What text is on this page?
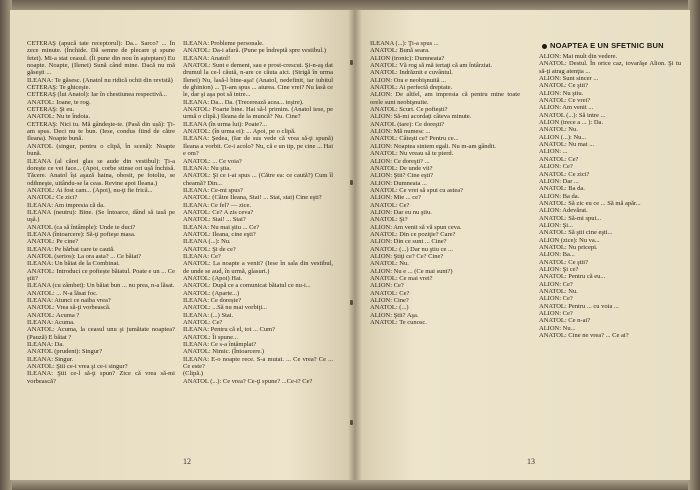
NOAPTEA E UN SFETNIC BUN

CETERAŞ (apucă tate receptorul): Da... Sarco? ... În zece minute. (Închide. Dă semne de plecare şi spune fetei). Mi-a stat ceasul. (Îi pune din nou în aşteptare) Eu noapte. Noapte, (Ilenei) Sună când mine. Dacă nu mă găseşti ...

ILEANA: Te găsesc. (Anatol nu ridică ochii din revistă)

CETERAŞ: Te ghiceşte.

CETERAŞ (lui Anatol): Iar în chestiunea respectivă...

ANATOL: Ioane, te rog.

CETERAŞ: Şi eu.

ANATOL: Nu te îndoia.

CETERAŞ: Nici tu. Mă gândeşte-te. (Pasă din ușă): Ţi-am spus. Deci nu te bun. (Iese, condus fiind de către Ileana). Noapte bună.

ANATOL (singur, pentru o clipă, în scenă): Noapte bună.

ILEANA (al cărei glas se aude din vestibul): Ţi-a dorește ce vei face... (Apoi, corbe stinse ori ușă închisă. Tăcere. Anatol își aşază haina, obosit, pe fotoliu, se odihneşte, uitându-se la ceas. Revine apoi Ileana.)

ANATOL: Ai fost cam... (Apoi), nu-ţi fie frică...

ANATOL: Ce zici?

ILEANA: Am impresia că da.

ILEANA (neutru): Bine. (Se întoarce, dând să iasă pe uşă.)

ANATOL (ca să întâmple): Unde te duci?

ILEANA (întoarcere): Să-ţi pofteşe masa.

ANATOL: Pe cine?

ILEANA: Pe bărbat care te caută.

ANATOL (serios): La ora asta? ... Ce băiat?

ILEANA: Un băiat de la Combinat.

ANATOL: Introduci ce poftește băiatul. Poate e un ... Ce ştii?

ILEANA (cu zâmbet): Un băiat bun ... nu prea, n-a lăsat.

ANATOL: ... N-a lăsat foc.

ILEANA: Atunci ce naiba vrea?

ANATOL: Vrea să-ţi vorbească.

ANATOL: Acuma ?

ILEANA: Acuma.

ANATOL: Acuma, la ceasul unu şi jumătate noaptea? (Pauză) E băiat ?

ILEANA: Da.

ANATOL (prudent): Singur?

ILEANA: Singur.

ANATOL: Ştii ce-i vrea şi ce-i singur?

ILEANA: Ştii ce-l să-ţi spun? Zice că vrea să-mi vorbească?

ILEANA: Probleme personale.

ANATOL: Da-i afară. (Pune pe îndreptă spre vestibul.)

ILEANA: Anatol!

ANATOL: Sunt e dement, sau e prost-crescut. Şi-n-aş dat drumul la ce-l căută, n-are ce căuta aici. (Strigă în urma Ilenei) Nu, lasă-l bine-aşa! (Anatol, nedefinit, iar iubitul de ghinion) ... Ţi-am spus ... aiurea. Cine vrei? Nu lasă ce le, dar şi aşa pot să intre...

ILEANA: Da... Da. (Trecerează acea... ieşire).

ANATOL: Foarte bine. Hai să-l primim. (Anatol iese, pe urmă o clipă.) Ileana de la muncă? Nu. Cine?

ILEANA (în urma lui): Poate?...

ANATOL: (în urma ei): ... Apoi, pe o clipă.

ILEANA: Şedea, (Iar de sus vede că vrea să-ţi spună) Ileana a vorbit. Ce-i acolo? Nu, că e un tip, pe cine ... Hai e om?

ANATOL: ... Ce voia?

ILEANA: Nu ştia.

ANATOL: Şi ce i-ai spus ... (Către ea: ce caută?) Cum îl cheamă? Din...

ILEANA: Ce-mi spus?

ANATOL: (Către Ileana, Stai! ... Stai, stai) Cine eşti?

ILEANA: Ce fel? — zice.

ANATOL: Ce? A zis ceva?

ANATOL: Stai! ... Stai?

ILEANA: Nu mai ştiu ... Ce?

ANATOL: Ileana, cine eşti?

ILEANA (...): Nu.

ANATOL: Şi de ce?

ILEANA: Ce?

ANATOL: La noapte a venit? (Iese în sala din vestibul, de unde se aud, în urmă, glasuri.)

ANATOL: (Apoi) Hai.

ANATOL: După ce a comunicat băiatul ce nu-i...

ANATOL: (Aparte...)

ILEANA: Ce dorește?

ANATOL: ...Să nu mai vorbiţi...

ILEANA: (...) Stai.

ANATOL: Ce?

ILEANA: Pentru că el, tot ... Cum?

ANATOL: Îi spune...

ILEANA: Ce s-a întâmplat?

ANATOL: Nimic. (Întoarcere.)

ILEANA: E-o noapte rece. S-a mutat. ... Ce vrea? Ce ... Ce este?

(Clipă.)

ANATOL (...): Ce vrea? Ce-ţi spune? ...Ce-i? Ce?

ILEANA (...): Ţi-a spus ...

ANATOL: Bună seara.

ALION (ironic): Dumneata?

ANATOL: Vă rog să mă iertaţi că am întârziat.

ANATOL: Indrăznit e cuvântul.

ALION: Ora e neobişnuită ...

ANATOL: Ai perfectă dreptate.

ALION: De altfel, am impresia că pentru mine toate orele sunt neobişnuite.

ANATOL: Scurt. Ce poftești?

ALION: Să-mi acordați câteva minute.

ANATOL (tare): Ce doreşti?

ALION: Mă numesc ...

ANATOL: Câteşti ce? Pentru ce...

ALION: Noaptea sintem egali. Nu m-am gândit.

ANATOL: Nu vreau să te pierd.

ALION: Ce doreşti? ...

ANATOL: De unde vii?

ALION: Ştii? Cine eşti?

ALION: Dumneata ...

ANATOL: Ce vrei să spui cu astea?

ALION: Mie ... ce?

ANATOL: Ce?

ALION: Dar eu nu ştiu.

ANATOL: Şi?

ALION: Am venit să vă spun ceva.

ANATOL: Din ce poziţie? Care?

ALION: Din ce sunt ... Cine?

ANATOL: (...) Dar nu ştiu ce ...

ALION: Ştiţi ce? Ce? Cine?

ANATOL: Nu.

ALION: Nu e ... (Ce mai sunt?)

ANATOL: Ce mai vrei?

ALION: Ce?

ANATOL: Ce?

ALION: Cine?

ANATOL: (...)

ALION: Ştii? Aşa.

ANATOL: Te cunosc.

ALION: Mai mult din vedere.

ANATOL: Destul. În orice caz, tovarăşe Alion. Şi tu să-ţi atrag atenţia ...

ALION: Sunt sincer ...

ANATOL: Ce ştii?

ALION: Nu ştiu.

ANATOL: Ce vrei?

ALION: Am venit ...

ANATOL (...): Să intre ...

ALION (trece a ... ): Da.

ANATOL: Nu.

ALION (...): Nu...

ANATOL: Nu mai ...

ALION: ...

ANATOL: Ce?

ALION: Ce?

ANATOL: Ce zici?

ALION: Dar ...

ANATOL: Ba da.

ALION: Ba da.

ANATOL: Să zic eu ce ... Să mă apăr...

ALION: Adevărat.

ANATOL: Să-mi spui...

ALION: Şi...

ANATOL: Să ştii cine eşti...

ALION (zice): Nu va...

ANATOL: Nu pricepi.

ALION: Ba...

ANATOL: Ce ştii?

ALION: Şi ce?

ANATOL: Pentru că eu...

ALION: Ce?

ANATOL: Nu.

ALION: Ce?

ANATOL: Pentru ... cu voia ...

ALION: Ce?

ANATOL: Ce n-ai?

ALION: Nu...

ANATOL: Cine ne vrea? ... Ce ai?

12	13
